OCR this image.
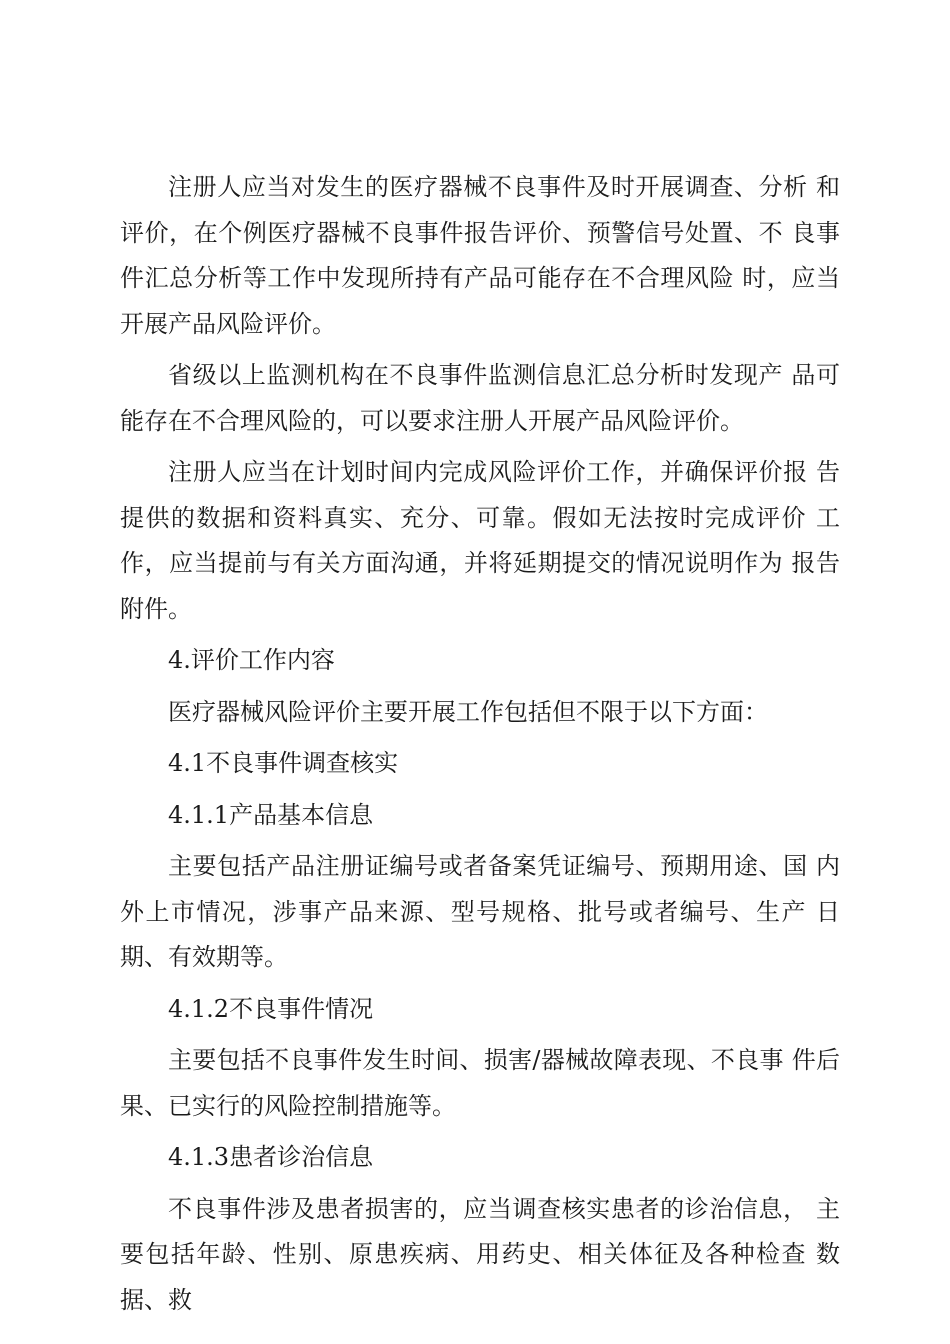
注册人应当对发生的医疗器械不良事件及时开展调查、分析 和评价，在个例医疗器械不良事件报告评价、预警信号处置、不 良事件汇总分析等工作中发现所持有产品可能存在不合理风险 时，应当开展产品风险评价。

省级以上监测机构在不良事件监测信息汇总分析时发现产 品可能存在不合理风险的，可以要求注册人开展产品风险评价。

注册人应当在计划时间内完成风险评价工作，并确保评价报 告提供的数据和资料真实、充分、可靠。假如无法按时完成评价 工作，应当提前与有关方面沟通，并将延期提交的情况说明作为 报告附件。

4.评价工作内容

医疗器械风险评价主要开展工作包括但不限于以下方面：

4.1不良事件调查核实

4.1.1产品基本信息

主要包括产品注册证编号或者备案凭证编号、预期用途、国 内外上市情况，涉事产品来源、型号规格、批号或者编号、生产 日期、有效期等。

4.1.2不良事件情况

主要包括不良事件发生时间、损害/器械故障表现、不良事 件后果、已实行的风险控制措施等。

4.1.3患者诊治信息

不良事件涉及患者损害的，应当调查核实患者的诊治信息， 主要包括年龄、性别、原患疾病、用药史、相关体征及各种检查 数据、救
